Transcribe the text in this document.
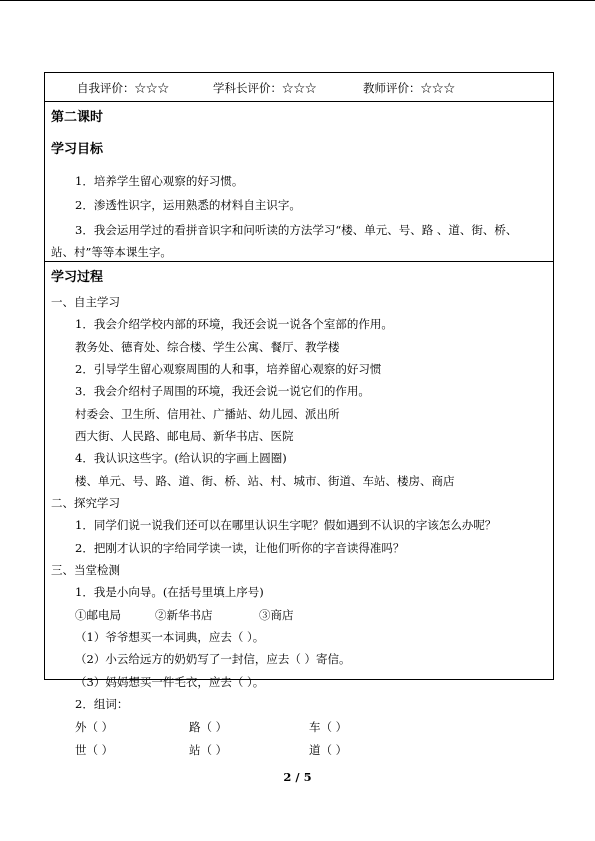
自我评价：☆☆☆	学科长评价：☆☆☆	教师评价：☆☆☆
第二课时
学习目标
1．培养学生留心观察的好习惯。
2．渗透性识字，运用熟悉的材料自主识字。
3．我会运用学过的看拼音识字和问听读的方法学习“楼、单元、号、路 、道、街、桥、
站、村”等等本课生字。
学习过程
一、自主学习
1．我会介绍学校内部的环境，我还会说一说各个室部的作用。
教务处、德育处、综合楼、学生公寓、餐厅、教学楼
2．引导学生留心观察周围的人和事，培养留心观察的好习惯
3．我会介绍村子周围的环境，我还会说一说它们的作用。
村委会、卫生所、信用社、广播站、幼儿园、派出所
西大街、人民路、邮电局、新华书店、医院
4．我认识这些字。(给认识的字画上圆圈)
楼、单元、号、路、道、街、桥、站、村、城市、街道、车站、楼房、商店
二、探究学习
1．同学们说一说我们还可以在哪里认识生字呢？假如遇到不认识的字该怎么办呢？
2．把刚才认识的字给同学读一读，让他们听你的字音读得准吗？
三、当堂检测
1．我是小向导。(在括号里填上序号)
①邮电局	②新华书店	③商店
（1）爷爷想买一本词典，应去（ ）。
（2）小云给远方的奶奶写了一封信，应去（ ）寄信。
（3）妈妈想买一件毛衣，应去（ ）。
2．组词：
外（ ）	路（ ）	车（ ）
世（ ）	站（ ）	道（ ）
2 / 5
